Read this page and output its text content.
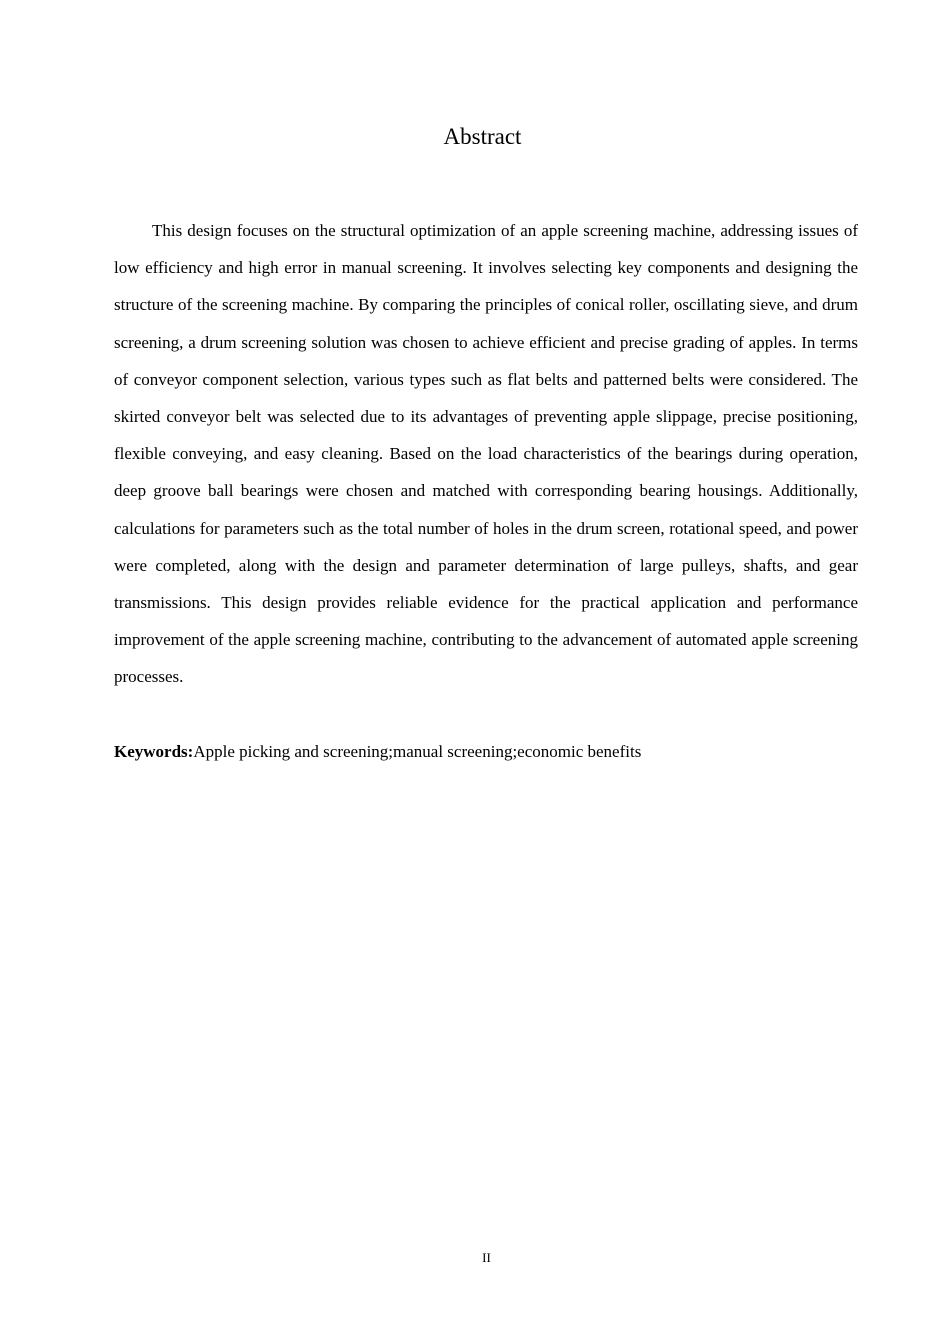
Abstract

This design focuses on the structural optimization of an apple screening machine, addressing issues of low efficiency and high error in manual screening. It involves selecting key components and designing the structure of the screening machine. By comparing the principles of conical roller, oscillating sieve, and drum screening, a drum screening solution was chosen to achieve efficient and precise grading of apples. In terms of conveyor component selection, various types such as flat belts and patterned belts were considered. The skirted conveyor belt was selected due to its advantages of preventing apple slippage, precise positioning, flexible conveying, and easy cleaning. Based on the load characteristics of the bearings during operation, deep groove ball bearings were chosen and matched with corresponding bearing housings. Additionally, calculations for parameters such as the total number of holes in the drum screen, rotational speed, and power were completed, along with the design and parameter determination of large pulleys, shafts, and gear transmissions. This design provides reliable evidence for the practical application and performance improvement of the apple screening machine, contributing to the advancement of automated apple screening processes.

Keywords:Apple picking and screening;manual screening;economic benefits

II
